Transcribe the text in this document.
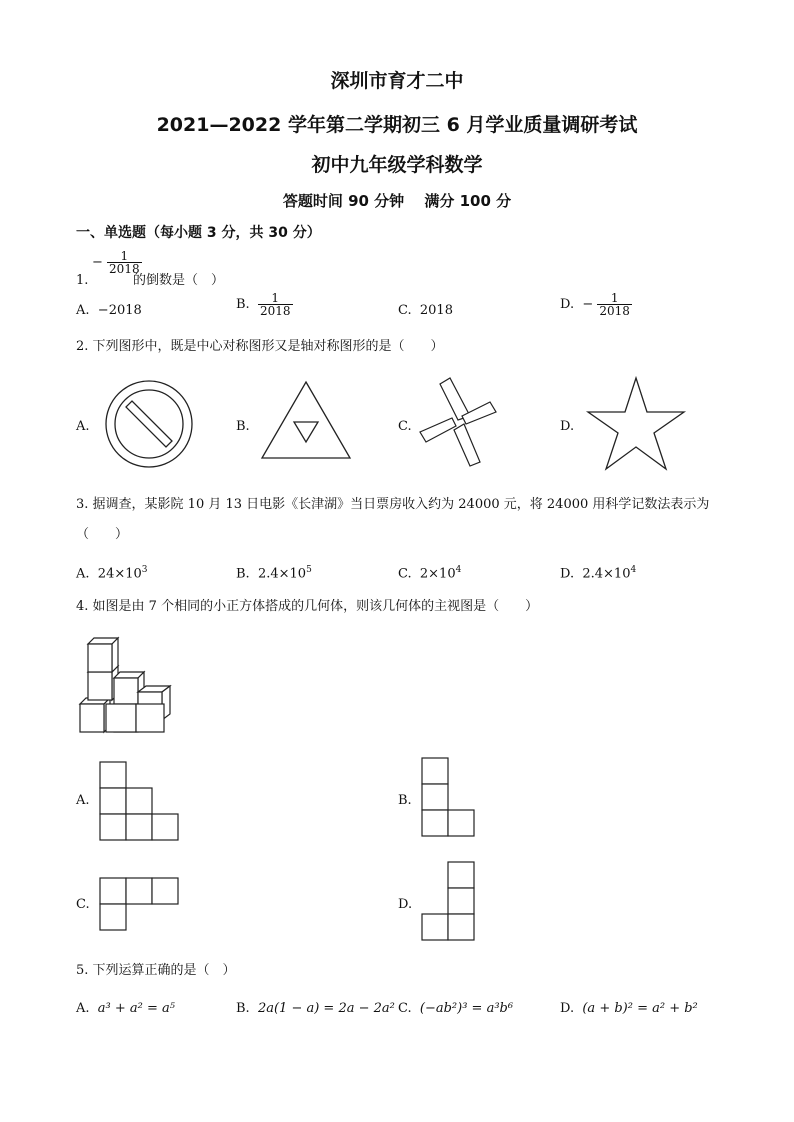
深圳市育才二中
2021—2022 学年第二学期初三 6 月学业质量调研考试
初中九年级学科数学
答题时间 90 分钟　 满分 100 分
一、单选题（每小题 3 分，共 30 分）
1.
− $\frac{1}{2018}$
的倒数是（　）
A. −2018	B. $\frac{1}{2018}$	C. 2018	D. − $\frac{1}{2018}$
2. 下列图形中，既是中心对称图形又是轴对称图形的是（　　）
A.	B.	C.	D.
3. 据调查，某影院 10 月 13 日电影《长津湖》当日票房收入约为 24000 元，将 24000 用科学记数法表示为
（　　）
A. $24\times 10^3$	B. $2.4\times 10^5$	C. $2\times 10^4$	D. $2.4\times 10^4$
4. 如图是由 7 个相同的小正方体搭成的几何体，则该几何体的主视图是（　　）
A.	B.
C.	D.
5. 下列运算正确的是（　）
A. a³ + a² = a⁵	B. 2a(1 − a) = 2a − 2a² C. (−ab²)³ = a³b⁶	D. (a + b)² = a² + b²
